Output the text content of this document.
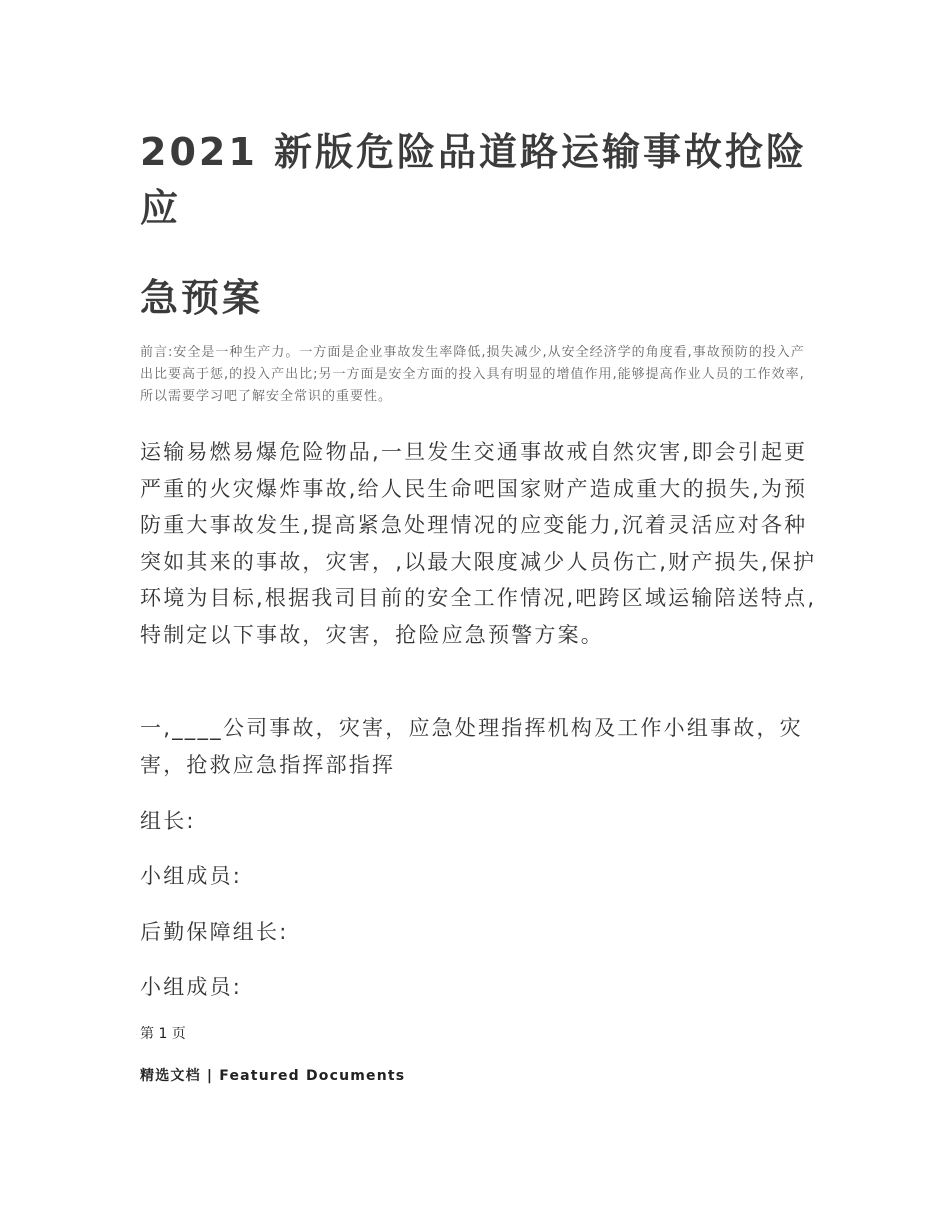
2021 新版危险品道路运输事故抢险
应
急预案
前言:安全是一种生产力。一方面是企业事故发生率降低,损失减少,从安全经济学的角度看,事故预防的投入产出比要高于惩,的投入产出比;另一方面是安全方面的投入具有明显的增值作用,能够提高作业人员的工作效率,所以需要学习吧了解安全常识的重要性。
运输易燃易爆危险物品,一旦发生交通事故戒自然灾害,即会引起更严重的火灾爆炸事故,给人民生命吧国家财产造成重大的损失,为预防重大事故发生,提高紧急处理情况的应变能力,沉着灵活应对各种突如其来的事故，灾害，,以最大限度减少人员伤亡,财产损失,保护环境为目标,根据我司目前的安全工作情况,吧跨区域运输陪送特点,特制定以下事故，灾害，抢险应急预警方案。
一,____公司事故，灾害，应急处理指挥机构及工作小组事故，灾害，抢救应急指挥部指挥
组长:
小组成员:
后勤保障组长:
小组成员:
第 1 页
精选文档 | Featured Documents
